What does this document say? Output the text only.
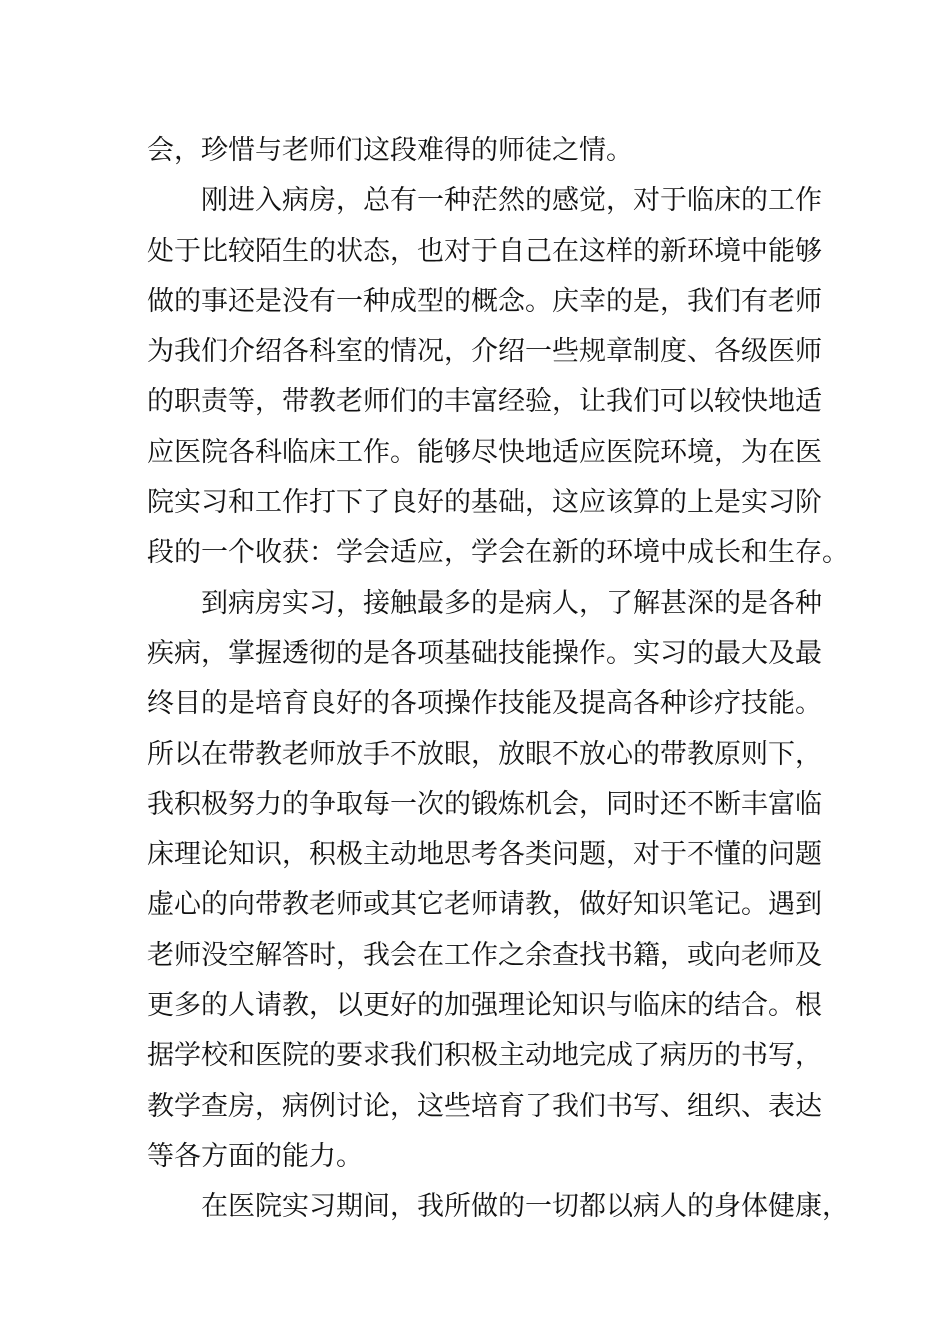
会，珍惜与老师们这段难得的师徒之情。
刚进入病房，总有一种茫然的感觉，对于临床的工作
处于比较陌生的状态，也对于自己在这样的新环境中能够
做的事还是没有一种成型的概念。庆幸的是，我们有老师
为我们介绍各科室的情况，介绍一些规章制度、各级医师
的职责等，带教老师们的丰富经验，让我们可以较快地适
应医院各科临床工作。能够尽快地适应医院环境，为在医
院实习和工作打下了良好的基础，这应该算的上是实习阶
段的一个收获：学会适应，学会在新的环境中成长和生存。
到病房实习，接触最多的是病人，了解甚深的是各种
疾病，掌握透彻的是各项基础技能操作。实习的最大及最
终目的是培育良好的各项操作技能及提高各种诊疗技能。
所以在带教老师放手不放眼，放眼不放心的带教原则下，
我积极努力的争取每一次的锻炼机会，同时还不断丰富临
床理论知识，积极主动地思考各类问题，对于不懂的问题
虚心的向带教老师或其它老师请教，做好知识笔记。遇到
老师没空解答时，我会在工作之余查找书籍，或向老师及
更多的人请教，以更好的加强理论知识与临床的结合。根
据学校和医院的要求我们积极主动地完成了病历的书写，
教学查房，病例讨论，这些培育了我们书写、组织、表达
等各方面的能力。
在医院实习期间，我所做的一切都以病人的身体健康，
